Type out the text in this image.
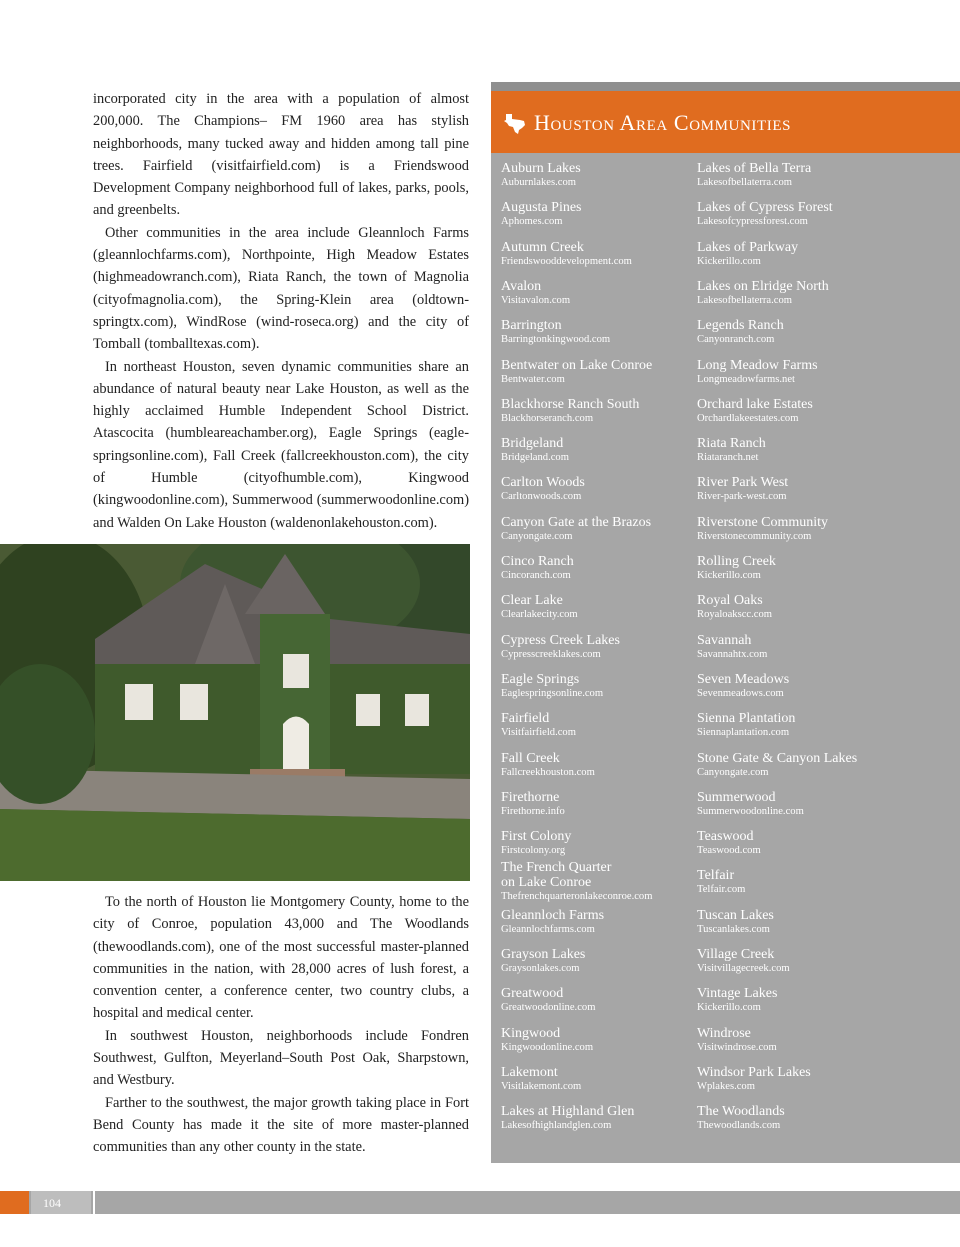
incorporated city in the area with a population of almost 200,000. The Champions– FM 1960 area has stylish neighborhoods, many tucked away and hidden among tall pine trees. Fairfield (visitfairfield.com) is a Friendswood Development Company neighborhood full of lakes, parks, pools, and greenbelts.

Other communities in the area include Gleannloch Farms (gleannlochfarms.com), Northpointe, High Meadow Estates (highmeadowranch.com), Riata Ranch, the town of Magnolia (cityofmagnolia.com), the Spring-Klein area (oldtown-springtx.com), WindRose (wind-roseca.org) and the city of Tomball (tomballtexas.com).

In northeast Houston, seven dynamic communities share an abundance of natural beauty near Lake Houston, as well as the highly acclaimed Humble Independent School District. Atascocita (humbleareachamber.org), Eagle Springs (eagle-springsonline.com), Fall Creek (fallcreekhouston.com), the city of Humble (cityofhumble.com), Kingwood (kingwoodonline.com), Summerwood (summerwoodonline.com) and Walden On Lake Houston (waldenonlakehouston.com).

To the north of Houston lie Montgomery County, home to the city of Conroe, population 43,000 and The Woodlands (thewoodlands.com), one of the most successful master-planned communities in the nation, with 28,000 acres of lush forest, a convention center, a conference center, two country clubs, a hospital and medical center.

In southwest Houston, neighborhoods include Fondren Southwest, Gulfton, Meyerland–South Post Oak, Sharpstown, and Westbury.

Farther to the southwest, the major growth taking place in Fort Bend County has made it the site of more master-planned communities than any other county in the state.

Houston Area Communities
Auburn Lakes
Auburnlakes.com
Augusta Pines
Aphomes.com
Autumn Creek
Friendswooddevelopment.com
Avalon
Visitavalon.com
Barrington
Barringtonkingwood.com
Bentwater on Lake Conroe
Bentwater.com
Blackhorse Ranch South
Blackhorseranch.com
Bridgeland
Bridgeland.com
Carlton Woods
Carltonwoods.com
Canyon Gate at the Brazos
Canyongate.com
Cinco Ranch
Cincoranch.com
Clear Lake
Clearlakecity.com
Cypress Creek Lakes
Cypresscreeklakes.com
Eagle Springs
Eaglespringsonline.com
Fairfield
Visitfairfield.com
Fall Creek
Fallcreekhouston.com
Firethorne
Firethorne.info
First Colony
Firstcolony.org
The French Quarter
on Lake Conroe
Thefrenchquarteronlakeconroe.com
Gleannloch Farms
Gleannlochfarms.com
Grayson Lakes
Graysonlakes.com
Greatwood
Greatwoodonline.com
Kingwood
Kingwoodonline.com
Lakemont
Visitlakemont.com
Lakes at Highland Glen
Lakesofhighlandglen.com
Lakes of Bella Terra
Lakesofbellaterra.com
Lakes of Cypress Forest
Lakesofcypressforest.com
Lakes of Parkway
Kickerillo.com
Lakes on Elridge North
Lakesofbellaterra.com
Legends Ranch
Canyonranch.com
Long Meadow Farms
Longmeadowfarms.net
Orchard lake Estates
Orchardlakeestates.com
Riata Ranch
Riataranch.net
River Park West
River-park-west.com
Riverstone Community
Riverstonecommunity.com
Rolling Creek
Kickerillo.com
Royal Oaks
Royaloakscc.com
Savannah
Savannahtx.com
Seven Meadows
Sevenmeadows.com
Sienna Plantation
Siennaplantation.com
Stone Gate & Canyon Lakes
Canyongate.com
Summerwood
Summerwoodonline.com
Teaswood
Teaswood.com
Telfair
Telfair.com
Tuscan Lakes
Tuscanlakes.com
Village Creek
Visitvillagecreek.com
Vintage Lakes
Kickerillo.com
Windrose
Visitwindrose.com
Windsor Park Lakes
Wplakes.com
The Woodlands
Thewoodlands.com
104
